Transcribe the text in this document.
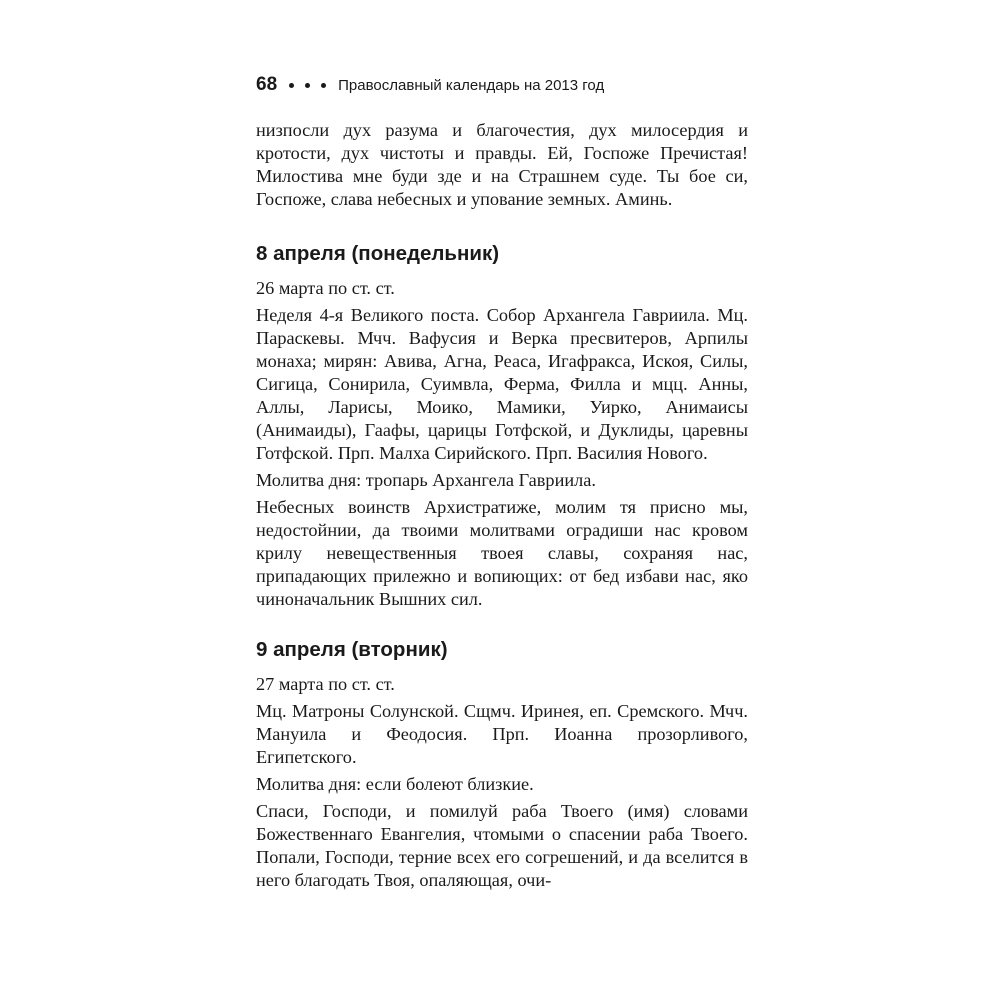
68	Православный календарь на 2013 год

низпосли дух разума и благочестия, дух милосердия и кротости, дух чистоты и правды. Ей, Госпоже Пречистая! Милостива мне буди зде и на Страшнем суде. Ты бое си, Госпоже, слава небесных и упование земных. Аминь.

8 апреля (понедельник)

26 марта по ст. ст.

Неделя 4-я Великого поста. Собор Архангела Гавриила. Мц. Параскевы. Мчч. Вафусия и Верка пресвитеров, Арпилы монаха; мирян: Авива, Агна, Реаса, Игафракса, Искоя, Силы, Сигица, Сонирила, Суимвла, Ферма, Филла и мцц. Анны, Аллы, Ларисы, Моико, Мамики, Уирко, Анимаисы (Анимаиды), Гаафы, царицы Готфской, и Дуклиды, царевны Готфской. Прп. Малха Сирийского. Прп. Василия Нового.

Молитва дня: тропарь Архангела Гавриила.

Небесных воинств Архистратиже, молим тя присно мы, недостойнии, да твоими молитвами оградиши нас кровом крилу невещественныя твоея славы, сохраняя нас, припадающих прилежно и вопиющих: от бед избави нас, яко чиноначальник Вышних сил.

9 апреля (вторник)

27 марта по ст. ст.

Мц. Матроны Солунской. Сщмч. Иринея, еп. Сремского. Мчч. Мануила и Феодосия. Прп. Иоанна прозорливого, Египетского.

Молитва дня: если болеют близкие.

Спаси, Господи, и помилуй раба Твоего (имя) словами Божественнаго Евангелия, чтомыми о спасении раба Твоего. Попали, Господи, терние всех его согрешений, и да вселится в него благодать Твоя, опаляющая, очи-
